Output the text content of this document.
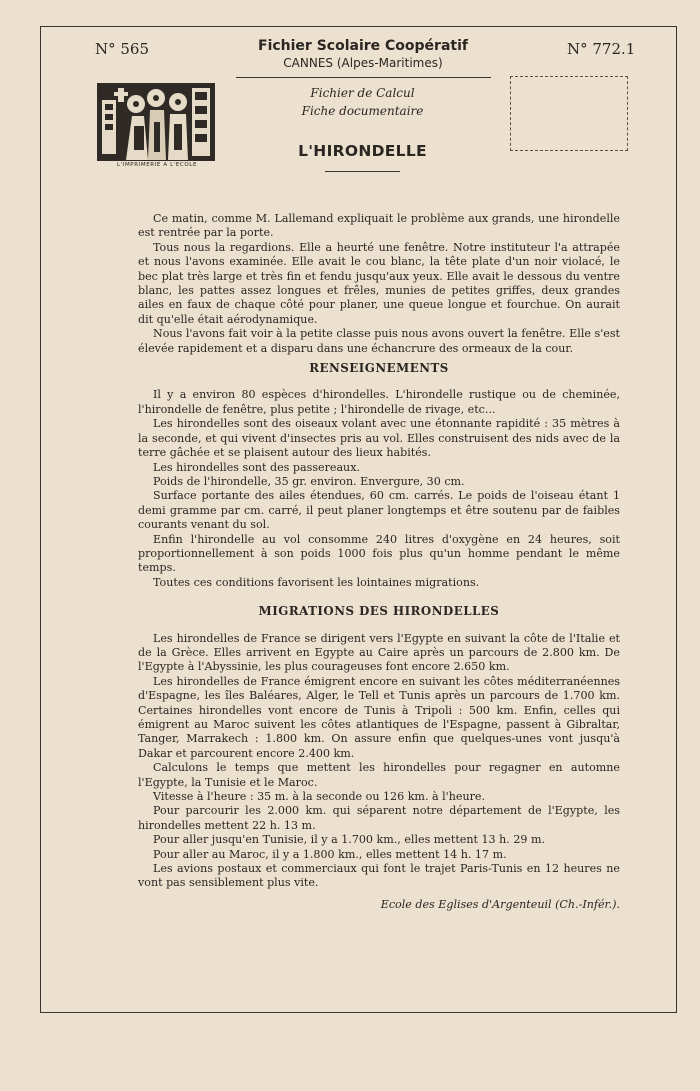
N° 565	N° 772.1
Fichier Scolaire Coopératif
CANNES (Alpes-Maritimes)
Fichier de Calcul
Fiche documentaire
L'HIRONDELLE
L'IMPRIMERIE A L'ECOLE

Ce matin, comme M. Lallemand expliquait le problème aux grands, une hirondelle est rentrée par la porte.

Tous nous la regardions. Elle a heurté une fenêtre. Notre instituteur l'a attrapée et nous l'avons examinée. Elle avait le cou blanc, la tête plate d'un noir violacé, le bec plat très large et très fin et fendu jusqu'aux yeux. Elle avait le dessous du ventre blanc, les pattes assez longues et frêles, munies de petites griffes, deux grandes ailes en faux de chaque côté pour planer, une queue longue et fourchue. On aurait dit qu'elle était aérodynamique.

Nous l'avons fait voir à la petite classe puis nous avons ouvert la fenêtre. Elle s'est élevée rapidement et a disparu dans une échancrure des ormeaux de la cour.

RENSEIGNEMENTS

Il y a environ 80 espèces d'hirondelles. L'hirondelle rustique ou de cheminée, l'hirondelle de fenêtre, plus petite ; l'hirondelle de rivage, etc...

Les hirondelles sont des oiseaux volant avec une étonnante rapidité : 35 mètres à la seconde, et qui vivent d'insectes pris au vol. Elles construisent des nids avec de la terre gâchée et se plaisent autour des lieux habités.

Les hirondelles sont des passereaux.

Poids de l'hirondelle, 35 gr. environ. Envergure, 30 cm.

Surface portante des ailes étendues, 60 cm. carrés. Le poids de l'oiseau étant 1 demi gramme par cm. carré, il peut planer longtemps et être soutenu par de faibles courants venant du sol.

Enfin l'hirondelle au vol consomme 240 litres d'oxygène en 24 heures, soit proportionnellement à son poids 1000 fois plus qu'un homme pendant le même temps.

Toutes ces conditions favorisent les lointaines migrations.

MIGRATIONS DES HIRONDELLES

Les hirondelles de France se dirigent vers l'Egypte en suivant la côte de l'Italie et de la Grèce. Elles arrivent en Egypte au Caire après un parcours de 2.800 km. De l'Egypte à l'Abyssinie, les plus courageuses font encore 2.650 km.

Les hirondelles de France émigrent encore en suivant les côtes méditerranéennes d'Espagne, les îles Baléares, Alger, le Tell et Tunis après un parcours de 1.700 km. Certaines hirondelles vont encore de Tunis à Tripoli : 500 km. Enfin, celles qui émigrent au Maroc suivent les côtes atlantiques de l'Espagne, passent à Gibraltar, Tanger, Marrakech : 1.800 km. On assure enfin que quelques-unes vont jusqu'à Dakar et parcourent encore 2.400 km.

Calculons le temps que mettent les hirondelles pour regagner en automne l'Egypte, la Tunisie et le Maroc.

Vitesse à l'heure : 35 m. à la seconde ou 126 km. à l'heure.

Pour parcourir les 2.000 km. qui séparent notre département de l'Egypte, les hirondelles mettent 22 h. 13 m.

Pour aller jusqu'en Tunisie, il y a 1.700 km., elles mettent 13 h. 29 m.

Pour aller au Maroc, il y a 1.800 km., elles mettent 14 h. 17 m.

Les avions postaux et commerciaux qui font le trajet Paris-Tunis en 12 heures ne vont pas sensiblement plus vite.

Ecole des Eglises d'Argenteuil (Ch.-Infér.).
